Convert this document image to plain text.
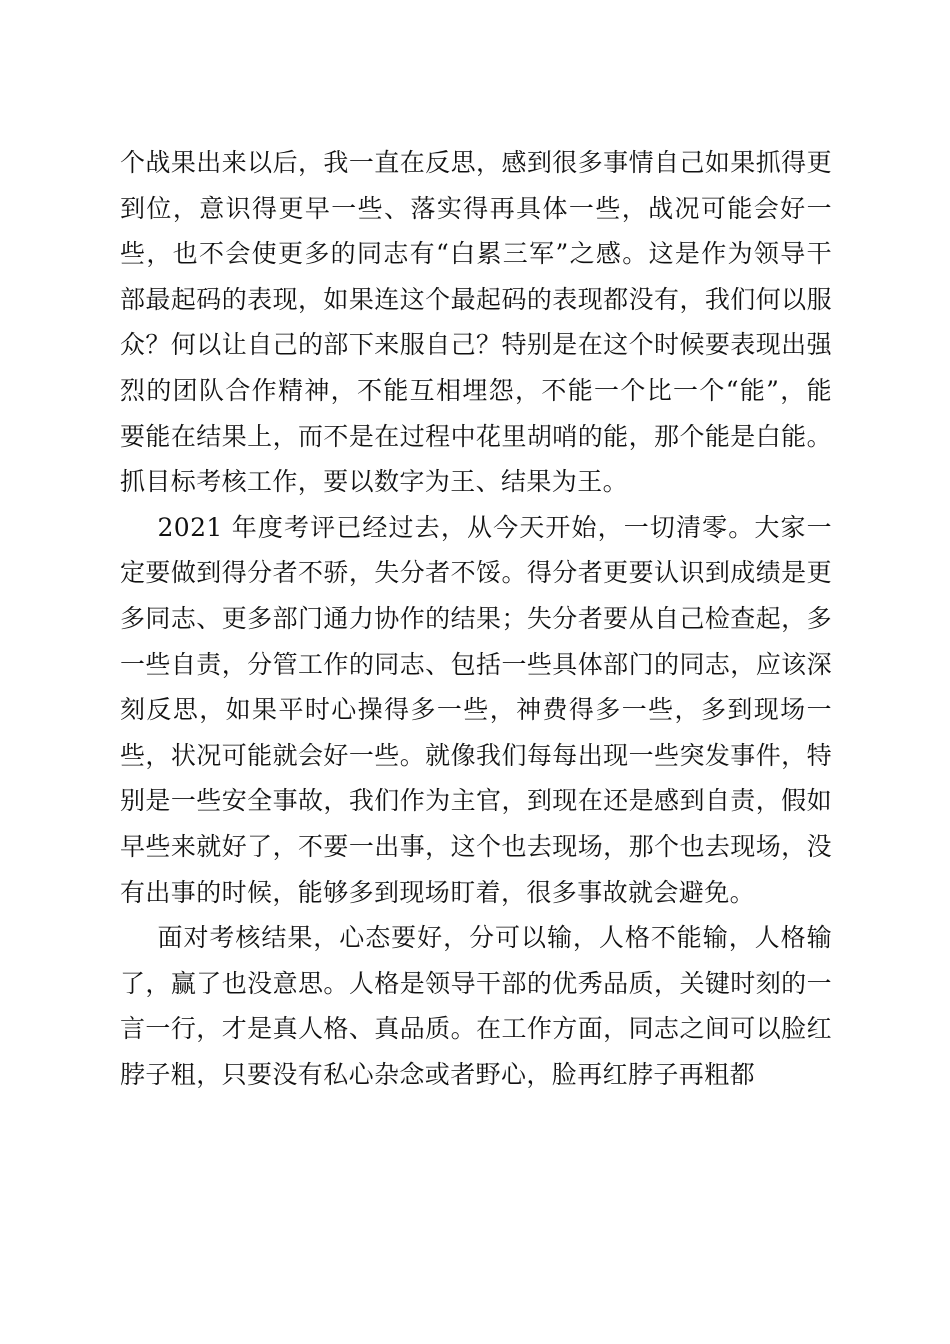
个战果出来以后，我一直在反思，感到很多事情自己如果抓得更到位，意识得更早一些、落实得再具体一些，战况可能会好一些，也不会使更多的同志有“白累三军”之感。这是作为领导干部最起码的表现，如果连这个最起码的表现都没有，我们何以服众？何以让自己的部下来服自己？特别是在这个时候要表现出强烈的团队合作精神，不能互相埋怨，不能一个比一个“能”，能要能在结果上，而不是在过程中花里胡哨的能，那个能是白能。抓目标考核工作，要以数字为王、结果为王。

2021 年度考评已经过去，从今天开始，一切清零。大家一定要做到得分者不骄，失分者不馁。得分者更要认识到成绩是更多同志、更多部门通力协作的结果；失分者要从自己检查起，多一些自责，分管工作的同志、包括一些具体部门的同志，应该深刻反思，如果平时心操得多一些，神费得多一些，多到现场一些，状况可能就会好一些。就像我们每每出现一些突发事件，特别是一些安全事故，我们作为主官，到现在还是感到自责，假如早些来就好了，不要一出事，这个也去现场，那个也去现场，没有出事的时候，能够多到现场盯着，很多事故就会避免。

面对考核结果，心态要好，分可以输，人格不能输，人格输了，赢了也没意思。人格是领导干部的优秀品质，关键时刻的一言一行，才是真人格、真品质。在工作方面，同志之间可以脸红脖子粗，只要没有私心杂念或者野心，脸再红脖子再粗都
